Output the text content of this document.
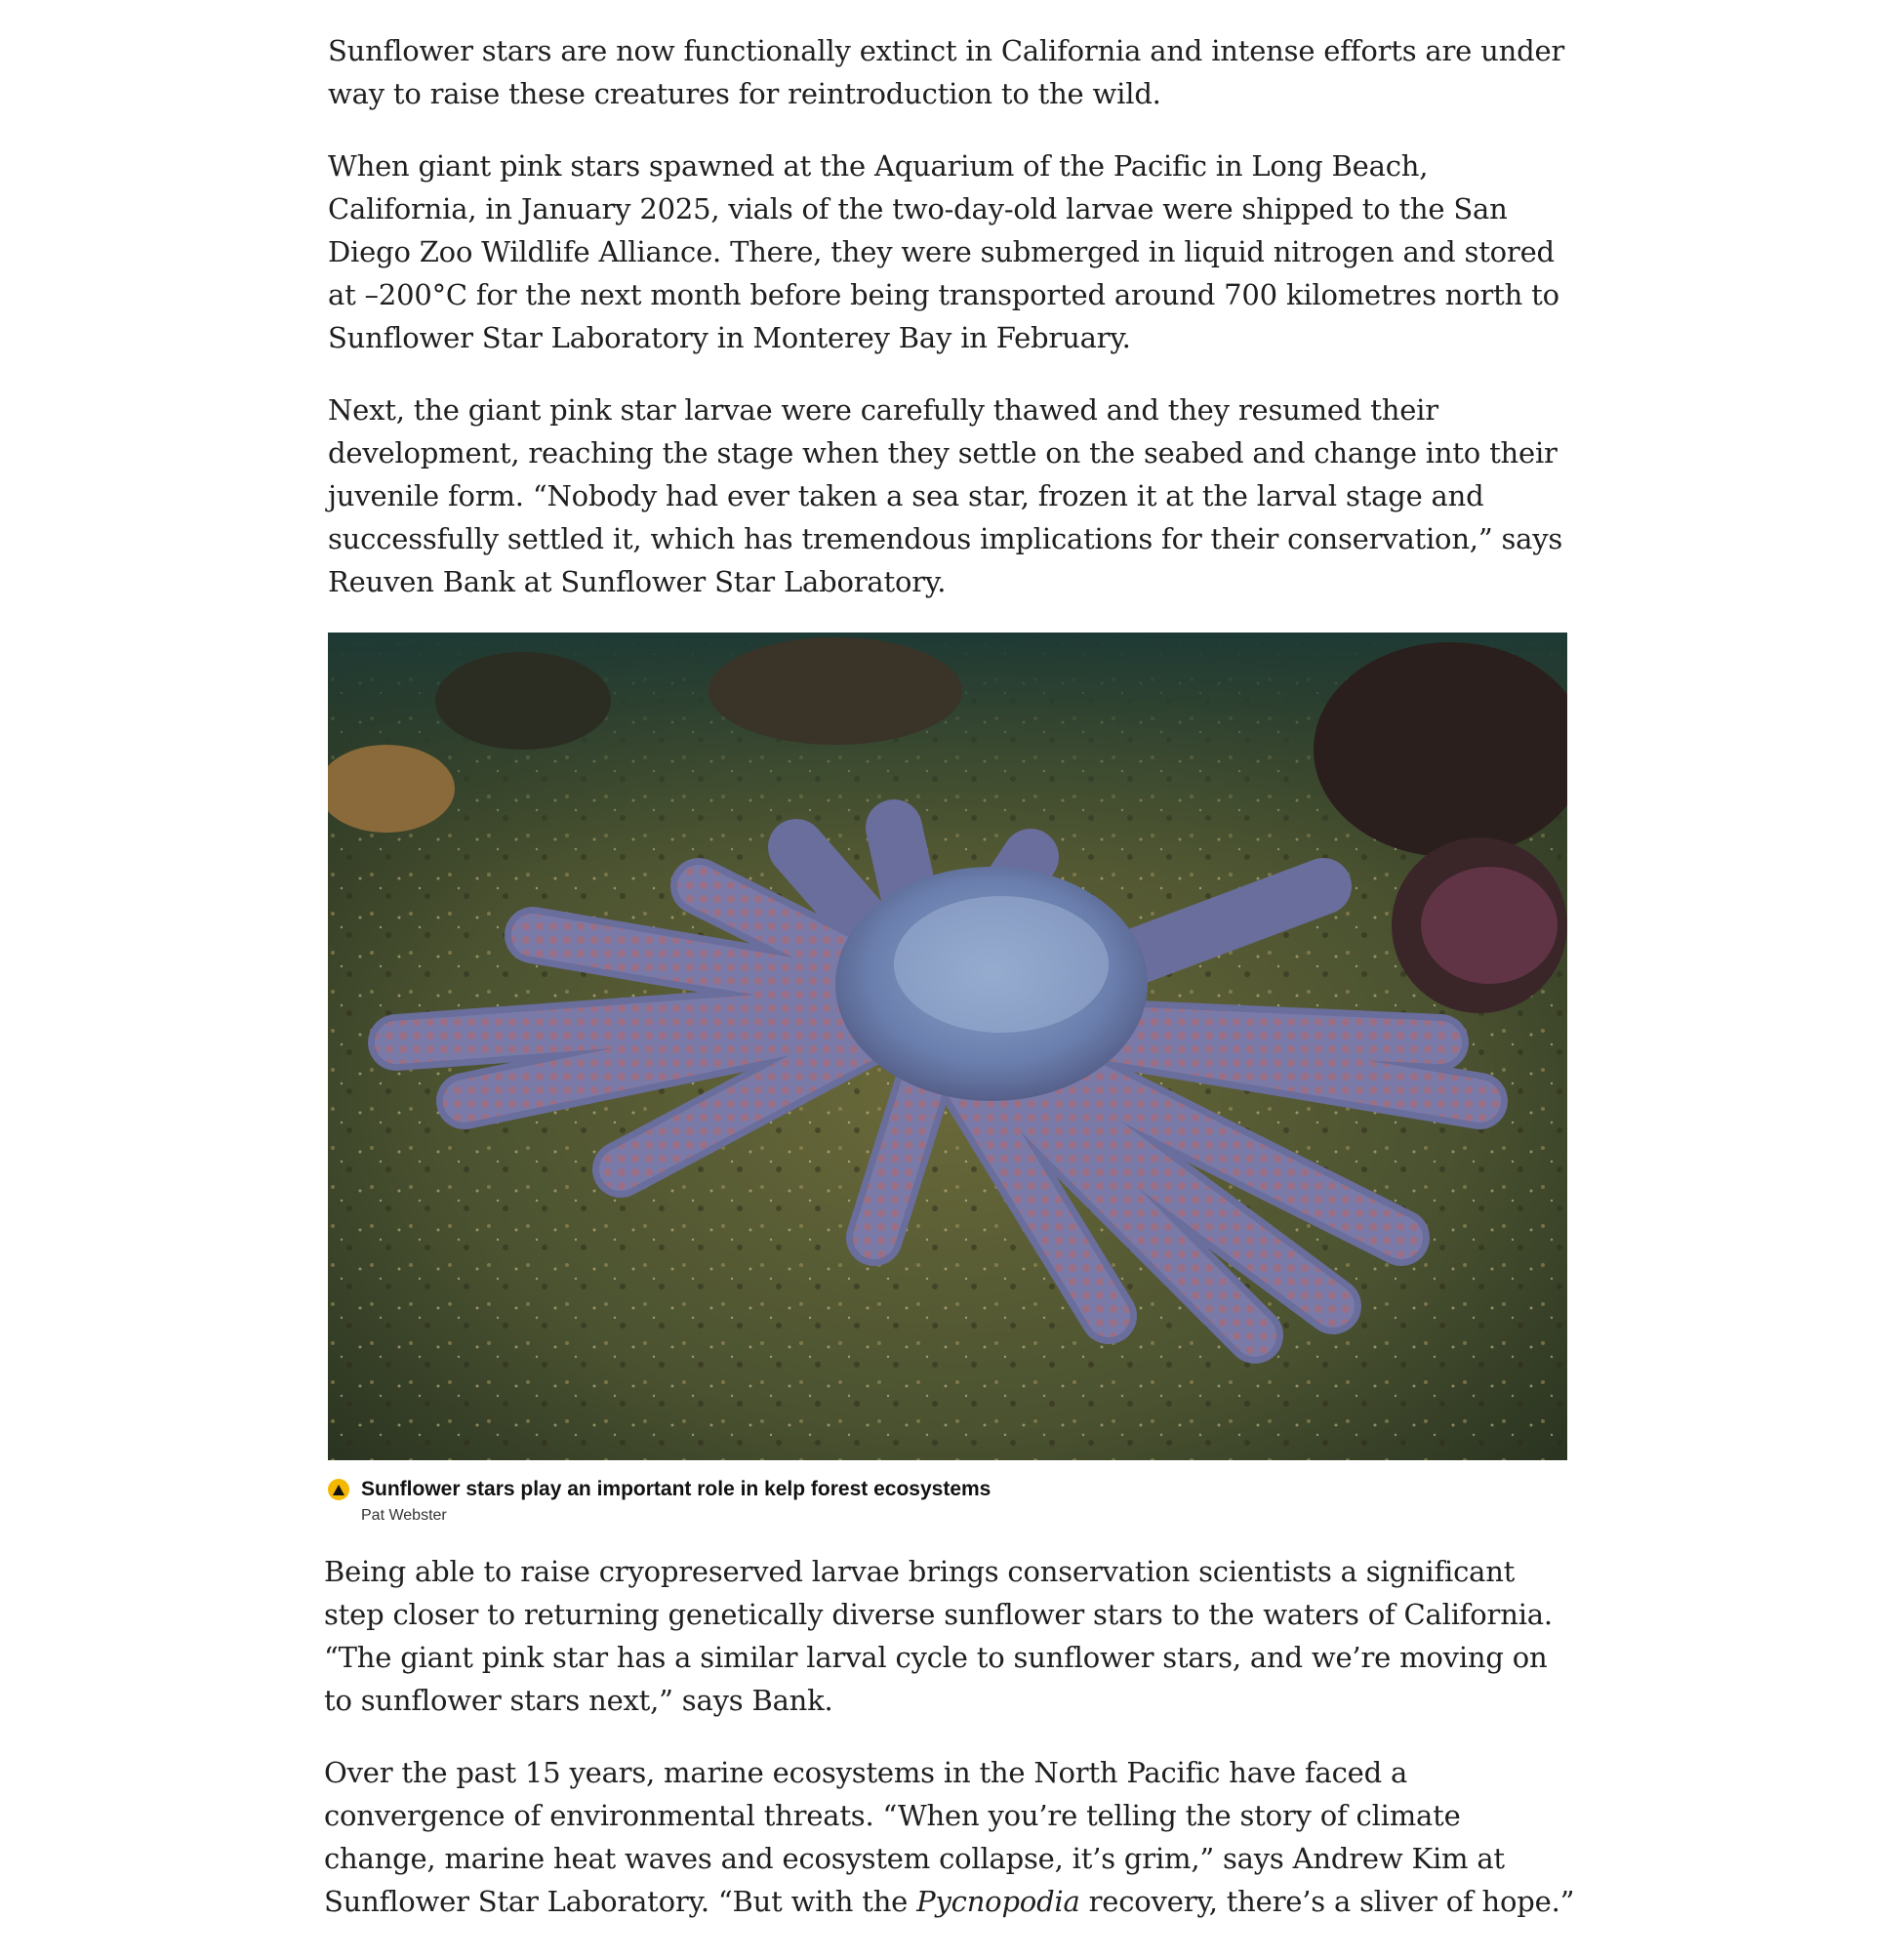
Sunflower stars are now functionally extinct in California and intense efforts are under way to raise these creatures for reintroduction to the wild.

When giant pink stars spawned at the Aquarium of the Pacific in Long Beach, California, in January 2025, vials of the two-day-old larvae were shipped to the San Diego Zoo Wildlife Alliance. There, they were submerged in liquid nitrogen and stored at –200°C for the next month before being transported around 700 kilometres north to Sunflower Star Laboratory in Monterey Bay in February.

Next, the giant pink star larvae were carefully thawed and they resumed their development, reaching the stage when they settle on the seabed and change into their juvenile form. “Nobody had ever taken a sea star, frozen it at the larval stage and successfully settled it, which has tremendous implications for their conservation,” says Reuven Bank at Sunflower Star Laboratory.

Sunflower stars play an important role in kelp forest ecosystems
Pat Webster

Being able to raise cryopreserved larvae brings conservation scientists a significant step closer to returning genetically diverse sunflower stars to the waters of California. “The giant pink star has a similar larval cycle to sunflower stars, and we’re moving on to sunflower stars next,” says Bank.

Over the past 15 years, marine ecosystems in the North Pacific have faced a convergence of environmental threats. “When you’re telling the story of climate change, marine heat waves and ecosystem collapse, it’s grim,” says Andrew Kim at Sunflower Star Laboratory. “But with the Pycnopodia recovery, there’s a sliver of hope.”
